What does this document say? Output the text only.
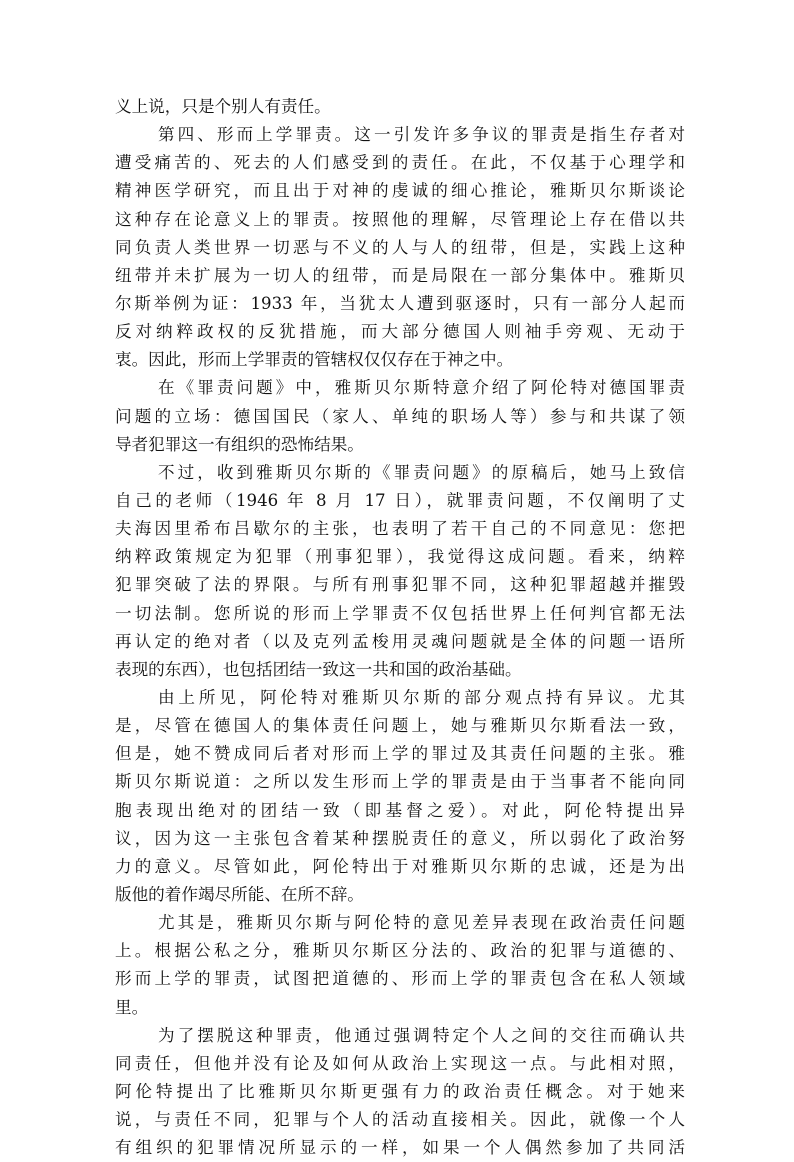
义上说，只是个别人有责任。
第四、形而上学罪责。这一引发许多争议的罪责是指生存者对
遭受痛苦的、死去的人们感受到的责任。在此，不仅基于心理学和
精神医学研究，而且出于对神的虔诚的细心推论，雅斯贝尔斯谈论
这种存在论意义上的罪责。按照他的理解，尽管理论上存在借以共
同负责人类世界一切恶与不义的人与人的纽带，但是，实践上这种
纽带并未扩展为一切人的纽带，而是局限在一部分集体中。雅斯贝
尔斯举例为证：1933 年，当犹太人遭到驱逐时，只有一部分人起而
反对纳粹政权的反犹措施，而大部分德国人则袖手旁观、无动于
衷。因此，形而上学罪责的管辖权仅仅存在于神之中。
在《罪责问题》中，雅斯贝尔斯特意介绍了阿伦特对德国罪责
问题的立场：德国国民（家人、单纯的职场人等）参与和共谋了领
导者犯罪这一有组织的恐怖结果。
不过，收到雅斯贝尔斯的《罪责问题》的原稿后，她马上致信
自己的老师（1946 年 8 月 17 日），就罪责问题，不仅阐明了丈
夫海因里希布吕歇尔的主张，也表明了若干自己的不同意见：您把
纳粹政策规定为犯罪（刑事犯罪），我觉得这成问题。看来，纳粹
犯罪突破了法的界限。与所有刑事犯罪不同，这种犯罪超越并摧毁
一切法制。您所说的形而上学罪责不仅包括世界上任何判官都无法
再认定的绝对者（以及克列孟梭用灵魂问题就是全体的问题一语所
表现的东西），也包括团结一致这一共和国的政治基础。
由上所见，阿伦特对雅斯贝尔斯的部分观点持有异议。尤其
是，尽管在德国人的集体责任问题上，她与雅斯贝尔斯看法一致，
但是，她不赞成同后者对形而上学的罪过及其责任问题的主张。雅
斯贝尔斯说道：之所以发生形而上学的罪责是由于当事者不能向同
胞表现出绝对的团结一致（即基督之爱）。对此，阿伦特提出异
议，因为这一主张包含着某种摆脱责任的意义，所以弱化了政治努
力的意义。尽管如此，阿伦特出于对雅斯贝尔斯的忠诚，还是为出
版他的着作竭尽所能、在所不辞。
尤其是，雅斯贝尔斯与阿伦特的意见差异表现在政治责任问题
上。根据公私之分，雅斯贝尔斯区分法的、政治的犯罪与道德的、
形而上学的罪责，试图把道德的、形而上学的罪责包含在私人领域
里。
为了摆脱这种罪责，他通过强调特定个人之间的交往而确认共
同责任，但他并没有论及如何从政治上实现这一点。与此相对照，
阿伦特提出了比雅斯贝尔斯更强有力的政治责任概念。对于她来
说，与责任不同，犯罪与个人的活动直接相关。因此，就像一个人
有组织的犯罪情况所显示的一样，如果一个人偶然参加了共同活
